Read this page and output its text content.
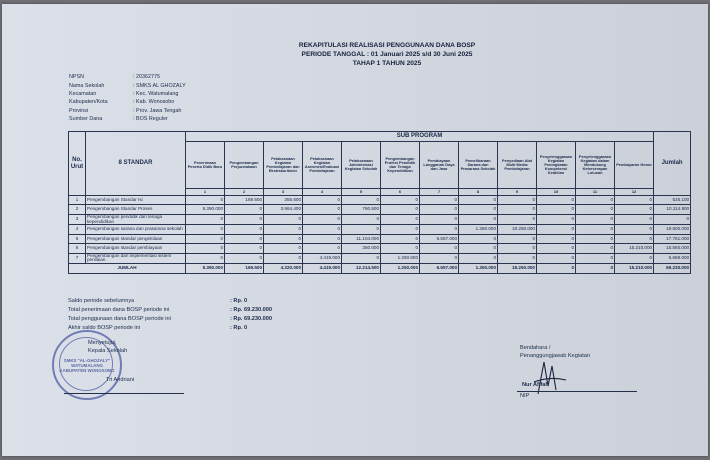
REKAPITULASI REALISASI PENGGUNAAN DANA BOSP
PERIODE TANGGAL : 01 Januari 2025 s/d 30 Juni 2025
TAHAP 1 TAHUN 2025
NPSN	: 20362775
Nama Sekolah	: SMKS AL GHOZALY
Kecamatan	: Kec. Watumalang
Kabupaten/Kota	: Kab. Wonosobo
Provinsi	: Prov. Jawa Tengah
Sumber Dana	: BOS Reguler
No. Urut	8 STANDAR	SUB PROGRAM												Jumlah
		Penerimaan Peserta Didik Baru	Pengembangan Perpustakaan	Pelaksanaan Kegiatan Pembelajaran dan Ekstrakurikuler	Pelaksanaan Kegiatan Asesmen/Evaluasi Pembelajaran	Pelaksanaan Administrasi Kegiatan Sekolah	Pengembangan Profesi Pendidik dan Tenaga Kependidikan	Pembiayaan Langganan Daya dan Jasa	Pemeliharaan Sarana dan Prasarana Sekolah	Penyediaan Alat Multi Media Pembelajaran	Penyelenggaraan Kegiatan Peningkatan Kompetensi Keahlian	Penyelenggaraan Kegiatan dalam Mendukung Keterserapan Lulusan	Pembayaran Honor	
		1	2	3	4	5	6	7	8	9	10	11	12	
1	Pengembangan Standar Isi	0	169.500	355.600	0	0	0	0	0	0	0	0	0	525.100
2	Pengembangan Standar Proses	5.390.000	0	3.964.400	0	760.500	0	0	0	0	0	0	0	10.114.900
3	Pengembangan pendidik dan tenaga kependidikan	0	0	0	0	0	0	0	0	0	0	0	0	0
4	Pengembangan sarana dan prasarana sekolah	0	0	0	0	0	0	0	1.350.000	18.250.000	0	0	0	19.600.000
5	Pengembangan standar pengelolaan	0	0	0	0	11.104.000	0	6.657.000	0	0	0	0	0	17.761.000
6	Pengembangan standar pembiayaan	0	0	0	0	350.000	0	0	0	0	0	0	15.210.000	15.560.000
7	Pengembangan dan implementasi sistem penilaian	0	0	0	4.419.000	0	1.250.000	0	0	0	0	0	0	5.669.000
JUMLAH		5.390.000	169.500	4.320.000	4.419.000	12.214.500	1.250.000	6.657.000	1.350.000	18.250.000	0	0	15.210.000	69.230.000
Saldo periode sebelumnya	: Rp. 0
Total penerimaan dana BOSP periode ini	: Rp. 69.230.000
Total penggunaan dana BOSP periode ini	: Rp. 69.230.000
Akhir saldo BOSP periode ini	: Rp. 0
SMKS "AL-GHOZALY"
WATUMALANG
KABUPATEN WONOSOBO
Menyetujui,
Kepala Sekolah
Tri Andriani
Bendahara /
Penanggungjawab Kegiatan
Nur Afifah
NIP
